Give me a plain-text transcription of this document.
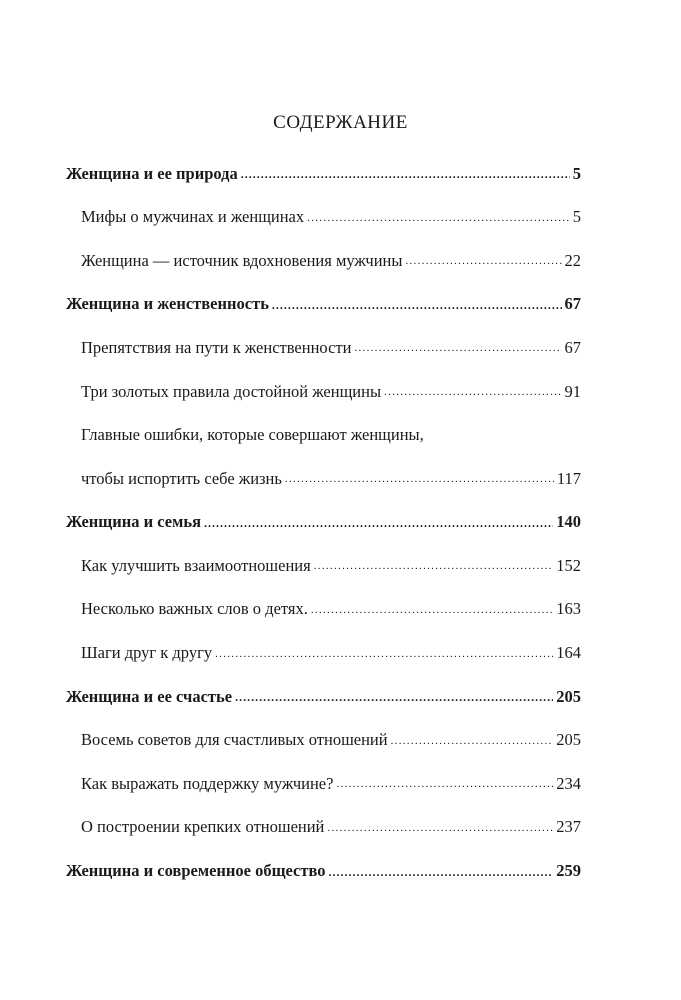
СОДЕРЖАНИЕ
Женщина и ее природа .....	5
Мифы о мужчинах и женщинах .....	5
Женщина — источник вдохновения мужчины .....	22
Женщина и женственность .....	67
Препятствия на пути к женственности .....	67
Три золотых правила достойной женщины .....	91
Главные ошибки, которые совершают женщины,
чтобы испортить себе жизнь .....	117
Женщина и семья .....	140
Как улучшить взаимоотношения .....	152
Несколько важных слов о детях. .....	163
Шаги друг к другу .....	164
Женщина и ее счастье .....	205
Восемь советов для счастливых отношений .....	205
Как выражать поддержку мужчине? .....	234
О построении крепких отношений .....	237
Женщина и современное общество .....	259
